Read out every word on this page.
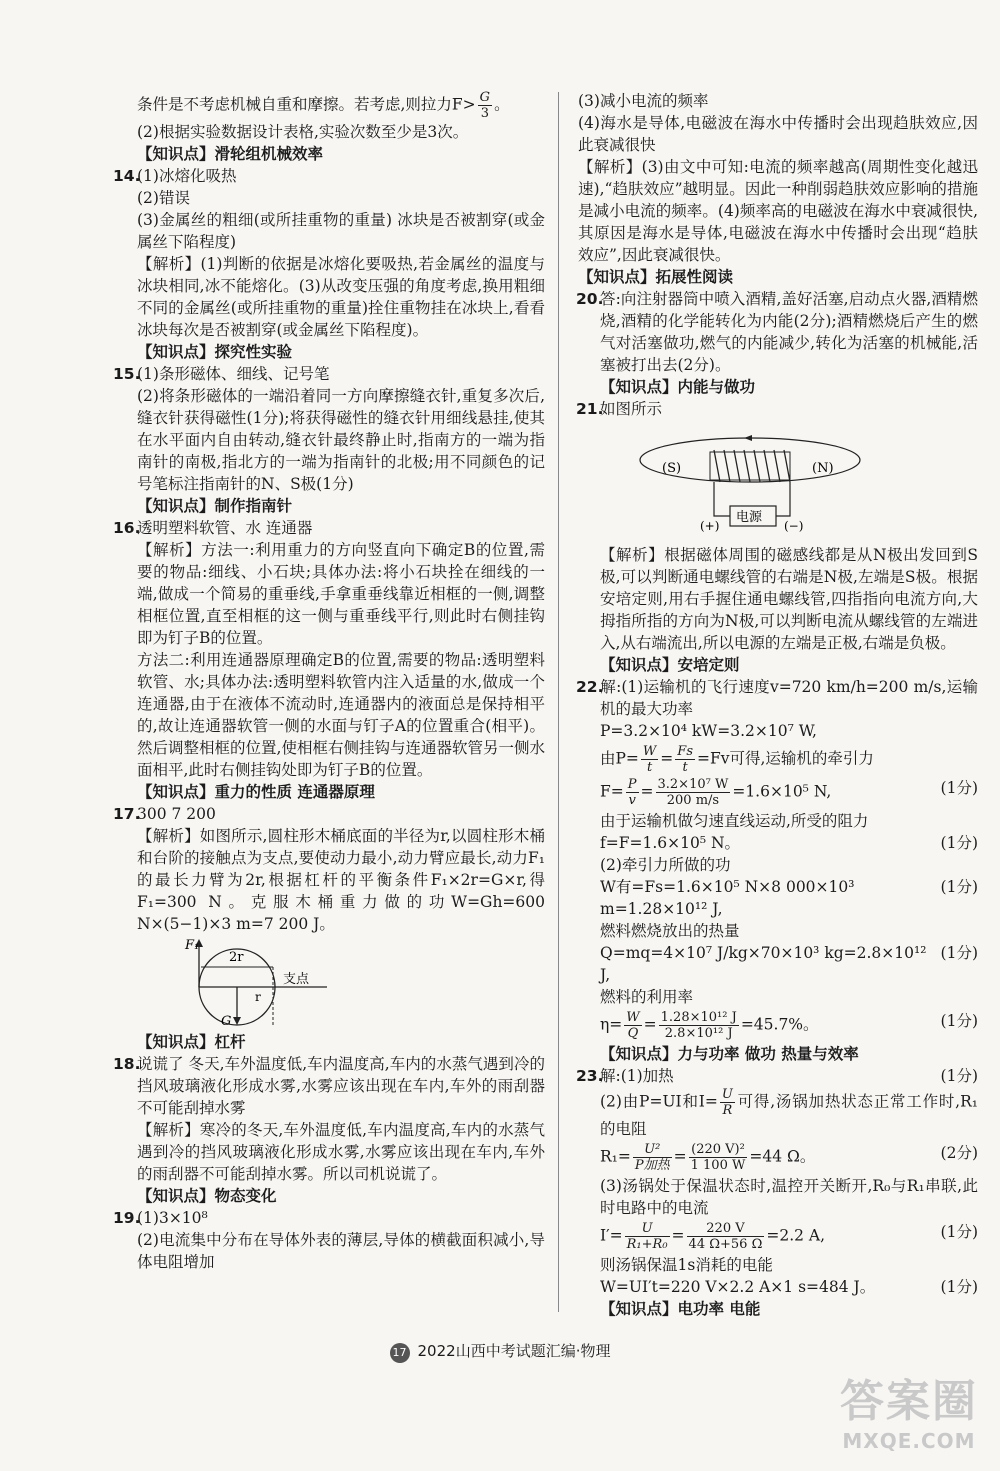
条件是不考虑机械自重和摩擦。若考虑,则拉力$F> \frac{G}{3}$ 。

(2)根据实验数据设计表格,实验次数至少是3次。

【知识点】滑轮组机械效率

14.(1)冰熔化吸热

(2)错误

(3)金属丝的粗细(或所挂重物的重量) 冰块是否被割穿(或金属丝下陷程度)

【解析】(1)判断的依据是冰熔化要吸热,若金属丝的温度与冰块相同,冰不能熔化。(3)从改变压强的角度考虑,换用粗细不同的金属丝(或所挂重物的重量)拴住重物挂在冰块上,看看冰块每次是否被割穿(或金属丝下陷程度)。

【知识点】探究性实验

15.(1)条形磁体、细线、记号笔

(2)将条形磁体的一端沿着同一方向摩擦缝衣针,重复多次后,缝衣针获得磁性(1分);将获得磁性的缝衣针用细线悬挂,使其在水平面内自由转动,缝衣针最终静止时,指南方的一端为指南针的南极,指北方的一端为指南针的北极;用不同颜色的记号笔标注指南针的N、S极(1分)

【知识点】制作指南针

16.透明塑料软管、水 连通器

【解析】方法一:利用重力的方向竖直向下确定B的位置,需要的物品:细线、小石块;具体办法:将小石块拴在细线的一端,做成一个简易的重垂线,手拿重垂线靠近相框的一侧,调整相框位置,直至相框的这一侧与重垂线平行,则此时右侧挂钩即为钉子B的位置。

方法二:利用连通器原理确定B的位置,需要的物品:透明塑料软管、水;具体办法:透明塑料软管内注入适量的水,做成一个连通器,由于在液体不流动时,连通器内的液面总是保持相平的,故让连通器软管一侧的水面与钉子A的位置重合(相平)。然后调整相框的位置,使相框右侧挂钩与连通器软管另一侧水面相平,此时右侧挂钩处即为钉子B的位置。

【知识点】重力的性质 连通器原理

17.300 7 200

【解析】如图所示,圆柱形木桶底面的半径为r,以圆柱形木桶和台阶的接触点为支点,要使动力最小,动力臂应最长,动力F₁的最长力臂为2r,根据杠杆的平衡条件F₁×2r=G×r,得F₁=300 N。克服木桶重力做的功W=Gh=600 N×(5−1)×3 m=7 200 J。

F₁
2r
支点
r
G

【知识点】杠杆

18.说谎了 冬天,车外温度低,车内温度高,车内的水蒸气遇到冷的挡风玻璃液化形成水雾,水雾应该出现在车内,车外的雨刮器不可能刮掉水雾

【解析】寒冷的冬天,车外温度低,车内温度高,车内的水蒸气遇到冷的挡风玻璃液化形成水雾,水雾应该出现在车内,车外的雨刮器不可能刮掉水雾。所以司机说谎了。

【知识点】物态变化

19.(1)3×10⁸

(2)电流集中分布在导体外表的薄层,导体的横截面积减小,导体电阻增加

(3)减小电流的频率

(4)海水是导体,电磁波在海水中传播时会出现趋肤效应,因此衰减很快

【解析】(3)由文中可知:电流的频率越高(周期性变化越迅速),“趋肤效应”越明显。因此一种削弱趋肤效应影响的措施是减小电流的频率。(4)频率高的电磁波在海水中衰减很快,其原因是海水是导体,电磁波在海水中传播时会出现“趋肤效应”,因此衰减很快。

【知识点】拓展性阅读

20.答:向注射器筒中喷入酒精,盖好活塞,启动点火器,酒精燃烧,酒精的化学能转化为内能(2分);酒精燃烧后产生的燃气对活塞做功,燃气的内能减少,转化为活塞的机械能,活塞被打出去(2分)。

【知识点】内能与做功

21.如图所示

电源
(S)	(N)
(+)	(−)

【解析】根据磁体周围的磁感线都是从N极出发回到S极,可以判断通电螺线管的右端是N极,左端是S极。根据安培定则,用右手握住通电螺线管,四指指向电流方向,大拇指所指的方向为N极,可以判断电流从螺线管的左端进入,从右端流出,所以电源的左端是正极,右端是负极。

【知识点】安培定则

22.解:(1)运输机的飞行速度v=720 km/h=200 m/s,运输机的最大功率

P=3.2×10⁴ kW=3.2×10⁷ W,

由$P= \frac{W}{t} = \frac{Fs}{t} =Fv$可得,运输机的牵引力

$F= \frac{P}{v} = \frac{\text{3.2×10⁷ W}}{200 m/s} =1.6\times 10^5$ N,	(1分)

由于运输机做匀速直线运动,所受的阻力

f=F=1.6×10⁵ N。	(1分)

(2)牵引力所做的功

W有=Fs=1.6×10⁵ N×8 000×10³ m=1.28×10¹² J,
(1分)

燃料燃烧放出的热量

Q=mq=4×10⁷ J/kg×70×10³ kg=2.8×10¹² J,
(1分)

燃料的利用率

$\eta= \frac{W}{Q} = \frac{\text{1.28×10¹² J}}{\text{2.8×10¹² J}} =45.7\%$。	(1分)

【知识点】力与功率 做功 热量与效率

23.解:(1)加热	(1分)

(2)由P=UI和$I= \frac{U}{R}$ 可得,汤锅加热状态正常工作时,R₁的电阻

$R_1= \frac{\text{U²}}{\text{P加热}} = \frac{\text{(220 V)²}}{1 100 W} =44$ Ω。	(2分)

(3)汤锅处于保温状态时,温控开关断开,R₀与R₁串联,此时电路中的电流

$I'= \frac{U}{\text{R₁+R₀}} = \frac{220 V}{44 \Omega+56 \Omega} =2.2$ A,	(1分)

则汤锅保温1s消耗的电能

W=UI′t=220 V×2.2 A×1 s=484 J。	(1分)

【知识点】电功率 电能

17 2022山西中考试题汇编·物理
答案圈
MXQE.COM
